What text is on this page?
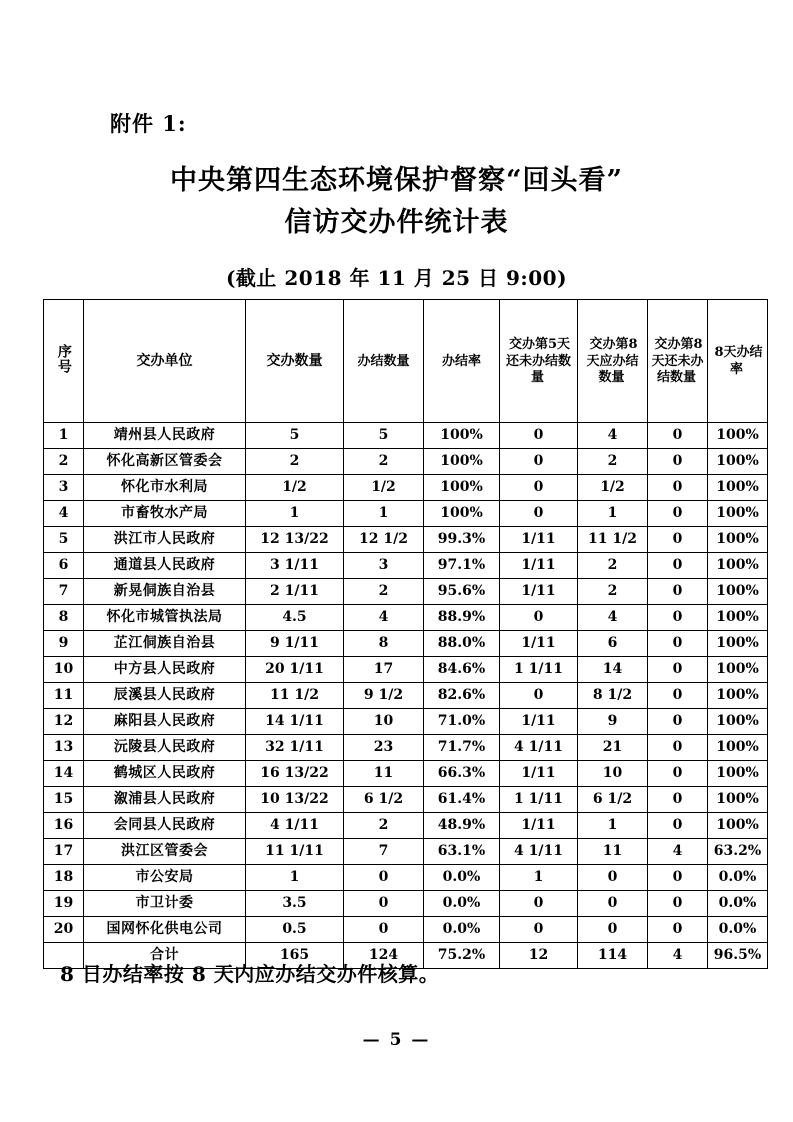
附件 1:
中央第四生态环境保护督察“回头看”
信访交办件统计表
(截止 2018 年 11 月 25 日 9:00)
序号	交办单位	交办数量	办结数量	办结率	交办第5天还未办结数量	交办第8天应办结数量	交办第8天还未办结数量	8天办结率
1	靖州县人民政府	5	5	100%	0	4	0	100%
2	怀化高新区管委会	2	2	100%	0	2	0	100%
3	怀化市水利局	1/2	1/2	100%	0	1/2	0	100%
4	市畜牧水产局	1	1	100%	0	1	0	100%
5	洪江市人民政府	12 13/22	12 1/2	99.3%	1/11	11 1/2	0	100%
6	通道县人民政府	3 1/11	3	97.1%	1/11	2	0	100%
7	新晃侗族自治县	2 1/11	2	95.6%	1/11	2	0	100%
8	怀化市城管执法局	4.5	4	88.9%	0	4	0	100%
9	芷江侗族自治县	9 1/11	8	88.0%	1/11	6	0	100%
10	中方县人民政府	20 1/11	17	84.6%	1 1/11	14	0	100%
11	辰溪县人民政府	11 1/2	9 1/2	82.6%	0	8 1/2	0	100%
12	麻阳县人民政府	14 1/11	10	71.0%	1/11	9	0	100%
13	沅陵县人民政府	32 1/11	23	71.7%	4 1/11	21	0	100%
14	鹤城区人民政府	16 13/22	11	66.3%	1/11	10	0	100%
15	溆浦县人民政府	10 13/22	6 1/2	61.4%	1 1/11	6 1/2	0	100%
16	会同县人民政府	4 1/11	2	48.9%	1/11	1	0	100%
17	洪江区管委会	11 1/11	7	63.1%	4 1/11	11	4	63.2%
18	市公安局	1	0	0.0%	1	0	0	0.0%
19	市卫计委	3.5	0	0.0%	0	0	0	0.0%
20	国网怀化供电公司	0.5	0	0.0%	0	0	0	0.0%
	合计	165	124	75.2%	12	114	4	96.5%
8 日办结率按 8 天内应办结交办件核算。
— 5 —
